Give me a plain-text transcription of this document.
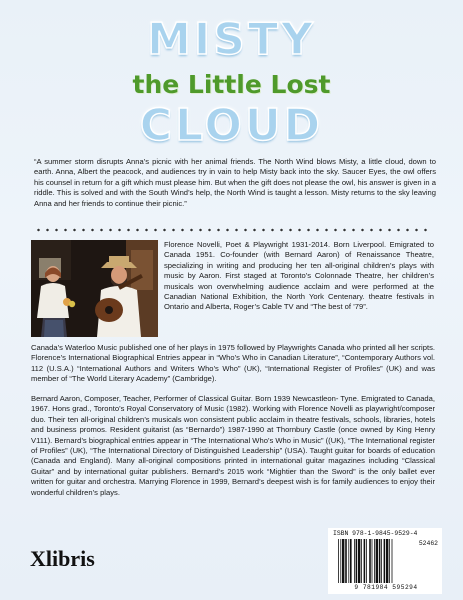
MISTY
the Little Lost
CLOUD
“A summer storm disrupts Anna’s picnic with her animal friends. The North Wind blows Misty, a little cloud, down to earth. Anna, Albert the peacock, and audiences try in vain to help Misty back into the sky. Saucer Eyes, the owl offers his counsel in return for a gift which must please him. But when the gift does not please the owl, his answer is given in a riddle. This is solved and with the South Wind’s help, the North Wind is taught a lesson. Misty returns to the sky leaving Anna and her friends to continue their picnic.”
Florence Novelli, Poet & Playwright 1931-2014. Born Liverpool. Emigrated to Canada 1951. Co-founder (with Bernard Aaron) of Renaissance Theatre, specializing in writing and producing her ten all-original children’s plays with music by Aaron. First staged at Toronto’s Colonnade Theatre, her children’s musicals won overwhelming audience acclaim and were performed at the Canadian National Exhibition, the North York Centenary. theatre festivals in Ontario and Alberta, Roger’s Cable TV and “The best of ’79”.
Canada’s Waterloo Music published one of her plays in 1975 followed by Playwrights Canada who printed all her scripts. Florence’s International Biographical Entries appear in “Who’s Who in Canadian Literature”, “Contemporary Authors vol. 112 (U.S.A.) “International Authors and Writers Who’s Who” (UK), “International Register of Profiles” (UK) and was member of “The World Literary Academy” (Cambridge).
Bernard Aaron, Composer, Teacher, Performer of Classical Guitar. Born 1939 Newcastleon- Tyne. Emigrated to Canada, 1967. Hons grad., Toronto’s Royal Conservatory of Music (1982). Working with Florence Novelli as playwright/composer duo. Their ten all-original children’s musicals won consistent public acclaim in theatre festivals, schools, libraries, hotels and business promos. Resident guitarist (as “Bernardo”) 1987-1990 at Thornbury Castle (once owned by King Henry V111). Bernard’s biographical entries appear in “The International Who’s Who in Music” ((UK), “The International register of Profiles” (UK), “The International Directory of Distinguished Leadership” (USA). Taught guitar for boards of education (Canada and England). Many all-original compositions printed in international guitar magazines including “Classical Guitar” and by international guitar publishers. Bernard’s 2015 work “Mightier than the Sword” is the only ballet ever written for guitar and orchestra. Marrying Florence in 1999, Bernard’s deepest wish is for family audiences to enjoy their wonderful children’s plays.
Xlibris
ISBN 978-1-9845-9529-4
52462
9 781984 595294
